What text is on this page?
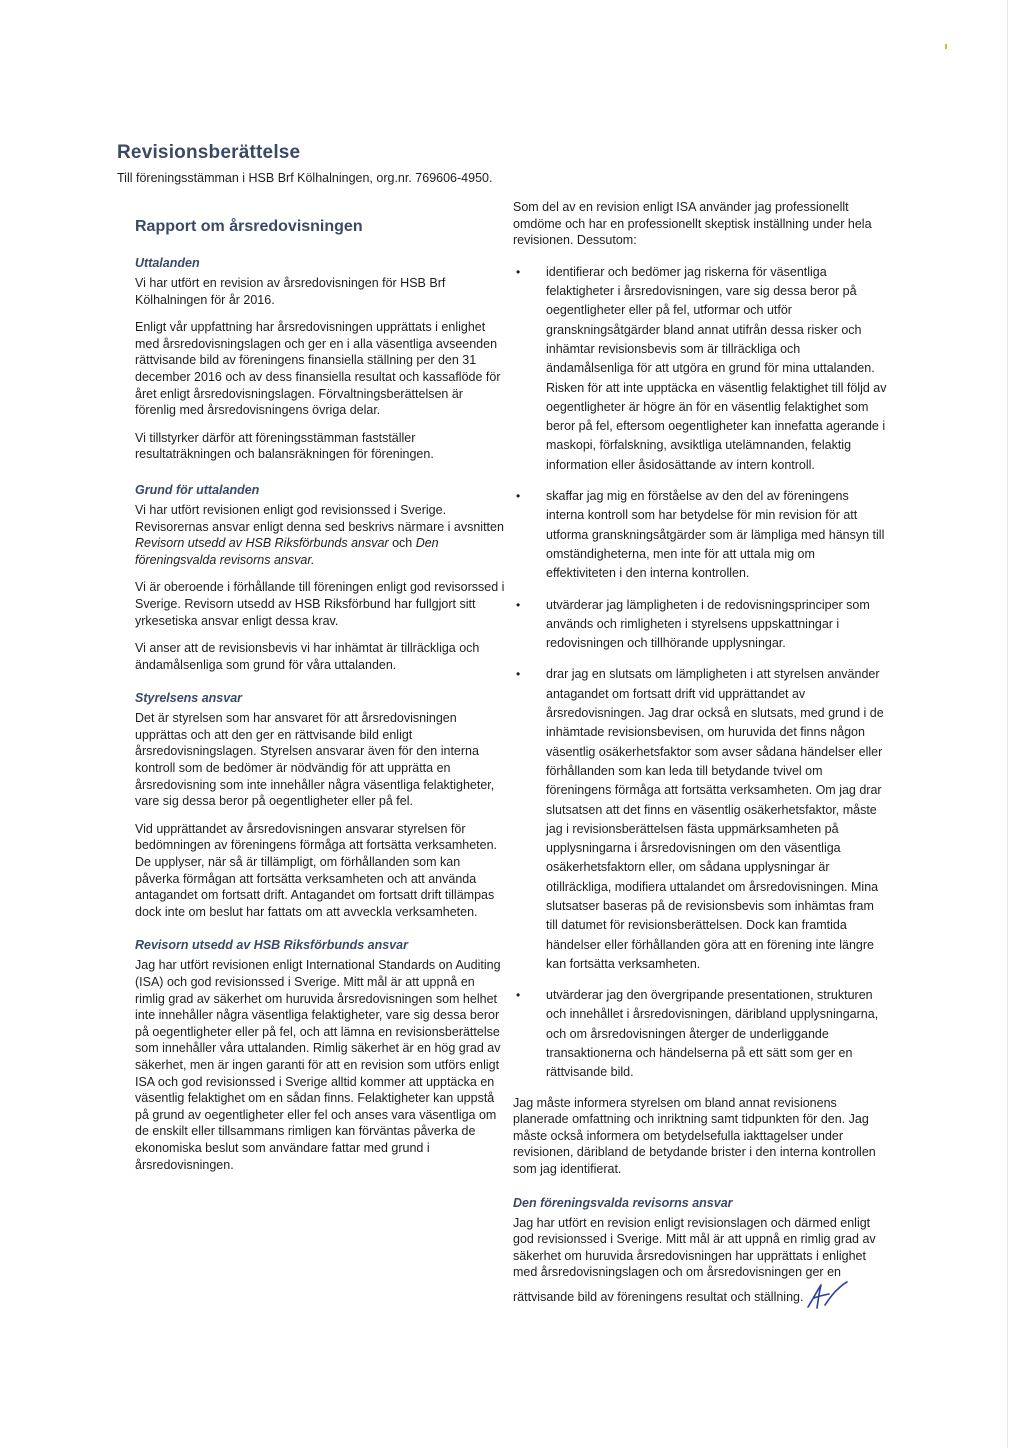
Revisionsberättelse
Till föreningsstämman i HSB Brf Kölhalningen, org.nr. 769606-4950.
Rapport om årsredovisningen
Uttalanden

Vi har utfört en revision av årsredovisningen för HSB Brf Kölhalningen för år 2016.

Enligt vår uppfattning har årsredovisningen upprättats i enlighet med årsredovisningslagen och ger en i alla väsentliga avseenden rättvisande bild av föreningens finansiella ställning per den 31 december 2016 och av dess finansiella resultat och kassaflöde för året enligt årsredovisningslagen. Förvaltningsberättelsen är förenlig med årsredovisningens övriga delar.

Vi tillstyrker därför att föreningsstämman fastställer resultaträkningen och balansräkningen för föreningen.

Grund för uttalanden

Vi har utfört revisionen enligt god revisionssed i Sverige. Revisorernas ansvar enligt denna sed beskrivs närmare i avsnitten Revisorn utsedd av HSB Riksförbunds ansvar och Den föreningsvalda revisorns ansvar.

Vi är oberoende i förhållande till föreningen enligt god revisorssed i Sverige. Revisorn utsedd av HSB Riksförbund har fullgjort sitt yrkesetiska ansvar enligt dessa krav.

Vi anser att de revisionsbevis vi har inhämtat är tillräckliga och ändamålsenliga som grund för våra uttalanden.

Styrelsens ansvar

Det är styrelsen som har ansvaret för att årsredovisningen upprättas och att den ger en rättvisande bild enligt årsredovisningslagen. Styrelsen ansvarar även för den interna kontroll som de bedömer är nödvändig för att upprätta en årsredovisning som inte innehåller några väsentliga felaktigheter, vare sig dessa beror på oegentligheter eller på fel.

Vid upprättandet av årsredovisningen ansvarar styrelsen för bedömningen av föreningens förmåga att fortsätta verksamheten. De upplyser, när så är tillämpligt, om förhållanden som kan påverka förmågan att fortsätta verksamheten och att använda antagandet om fortsatt drift. Antagandet om fortsatt drift tillämpas dock inte om beslut har fattats om att avveckla verksamheten.

Revisorn utsedd av HSB Riksförbunds ansvar

Jag har utfört revisionen enligt International Standards on Auditing (ISA) och god revisionssed i Sverige. Mitt mål är att uppnå en rimlig grad av säkerhet om huruvida årsredovisningen som helhet inte innehåller några väsentliga felaktigheter, vare sig dessa beror på oegentligheter eller på fel, och att lämna en revisionsberättelse som innehåller våra uttalanden. Rimlig säkerhet är en hög grad av säkerhet, men är ingen garanti för att en revision som utförs enligt ISA och god revisionssed i Sverige alltid kommer att upptäcka en väsentlig felaktighet om en sådan finns. Felaktigheter kan uppstå på grund av oegentligheter eller fel och anses vara väsentliga om de enskilt eller tillsammans rimligen kan förväntas påverka de ekonomiska beslut som användare fattar med grund i årsredovisningen.

Som del av en revision enligt ISA använder jag professionellt omdöme och har en professionellt skeptisk inställning under hela revisionen. Dessutom:

• identifierar och bedömer jag riskerna för väsentliga felaktigheter i årsredovisningen, vare sig dessa beror på oegentligheter eller på fel, utformar och utför granskningsåtgärder bland annat utifrån dessa risker och inhämtar revisionsbevis som är tillräckliga och ändamålsenliga för att utgöra en grund för mina uttalanden. Risken för att inte upptäcka en väsentlig felaktighet till följd av oegentligheter är högre än för en väsentlig felaktighet som beror på fel, eftersom oegentligheter kan innefatta agerande i maskopi, förfalskning, avsiktliga utelämnanden, felaktig information eller åsidosättande av intern kontroll.
• skaffar jag mig en förståelse av den del av föreningens interna kontroll som har betydelse för min revision för att utforma granskningsåtgärder som är lämpliga med hänsyn till omständigheterna, men inte för att uttala mig om effektiviteten i den interna kontrollen.
• utvärderar jag lämpligheten i de redovisningsprinciper som används och rimligheten i styrelsens uppskattningar i redovisningen och tillhörande upplysningar.
• drar jag en slutsats om lämpligheten i att styrelsen använder antagandet om fortsatt drift vid upprättandet av årsredovisningen. Jag drar också en slutsats, med grund i de inhämtade revisionsbevisen, om huruvida det finns någon väsentlig osäkerhetsfaktor som avser sådana händelser eller förhållanden som kan leda till betydande tvivel om föreningens förmåga att fortsätta verksamheten. Om jag drar slutsatsen att det finns en väsentlig osäkerhetsfaktor, måste jag i revisionsberättelsen fästa uppmärksamheten på upplysningarna i årsredovisningen om den väsentliga osäkerhetsfaktorn eller, om sådana upplysningar är otillräckliga, modifiera uttalandet om årsredovisningen. Mina slutsatser baseras på de revisionsbevis som inhämtas fram till datumet för revisionsberättelsen. Dock kan framtida händelser eller förhållanden göra att en förening inte längre kan fortsätta verksamheten.
• utvärderar jag den övergripande presentationen, strukturen och innehållet i årsredovisningen, däribland upplysningarna, och om årsredovisningen återger de underliggande transaktionerna och händelserna på ett sätt som ger en rättvisande bild.

Jag måste informera styrelsen om bland annat revisionens planerade omfattning och inriktning samt tidpunkten för den. Jag måste också informera om betydelsefulla iakttagelser under revisionen, däribland de betydande brister i den interna kontrollen som jag identifierat.

Den föreningsvalda revisorns ansvar

Jag har utfört en revision enligt revisionslagen och därmed enligt god revisionssed i Sverige. Mitt mål är att uppnå en rimlig grad av säkerhet om huruvida årsredovisningen har upprättats i enlighet med årsredovisningslagen och om årsredovisningen ger en rättvisande bild av föreningens resultat och ställning.
